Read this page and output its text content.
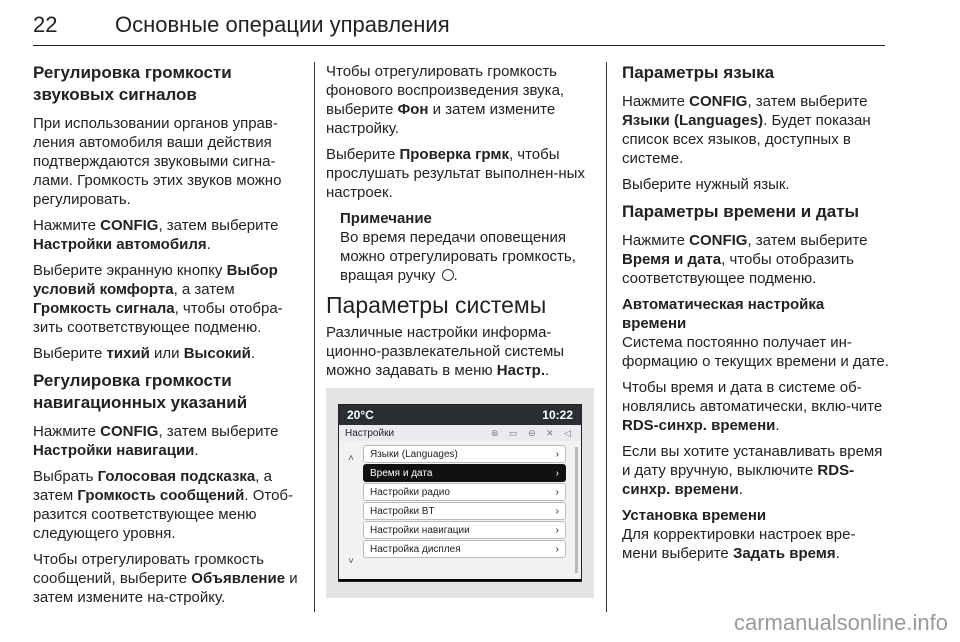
22	Основные операции управления
Регулировка громкости звуковых сигналов

При использовании органов управ-ления автомобиля ваши действия подтверждаются звуковыми сигна-лами. Громкость этих звуков можно регулировать.

Нажмите CONFIG, затем выберите Настройки автомобиля.

Выберите экранную кнопку Выбор условий комфорта, а затем Громкость сигнала, чтобы отобра-зить соответствующее подменю.

Выберите тихий или Высокий.

Регулировка громкости навигационных указаний

Нажмите CONFIG, затем выберите Настройки навигации.

Выбрать Голосовая подсказка, а затем Громкость сообщений. Отоб-разится соответствующее меню следующего уровня.

Чтобы отрегулировать громкость сообщений, выберите Объявление и затем измените на-стройку.

Чтобы отрегулировать громкость фонового воспроизведения звука, выберите Фон и затем измените настройку.

Выберите Проверка грмк, чтобы прослушать результат выполнен-ных настроек.

Примечание
Во время передачи оповещения можно отрегулировать громкость, вращая ручку .
Параметры системы

Различные настройки информа-ционно-развлекательной системы можно задавать в меню Настр..

20°C	10:22
Настройки	⊛ ▭ ⊖ ✕ ◁
˄
˅
Языки (Languages)	›
Время и дата	›
Настройки радио	›
Настройки BT	›
Настройки навигации	›
Настройка дисплея	›
Параметры языка

Нажмите CONFIG, затем выберите Языки (Languages). Будет показан список всех языков, доступных в системе.

Выберите нужный язык.

Параметры времени и даты

Нажмите CONFIG, затем выберите Время и дата, чтобы отобразить соответствующее подменю.

Автоматическая настройка времени

Система постоянно получает ин-формацию о текущих времени и дате.

Чтобы время и дата в системе об-новлялись автоматически, вклю-чите RDS-синхр. времени.

Если вы хотите устанавливать время и дату вручную, выключите RDS-синхр. времени.

Установка времени

Для корректировки настроек вре-мени выберите Задать время.

carmanualsonline.info
